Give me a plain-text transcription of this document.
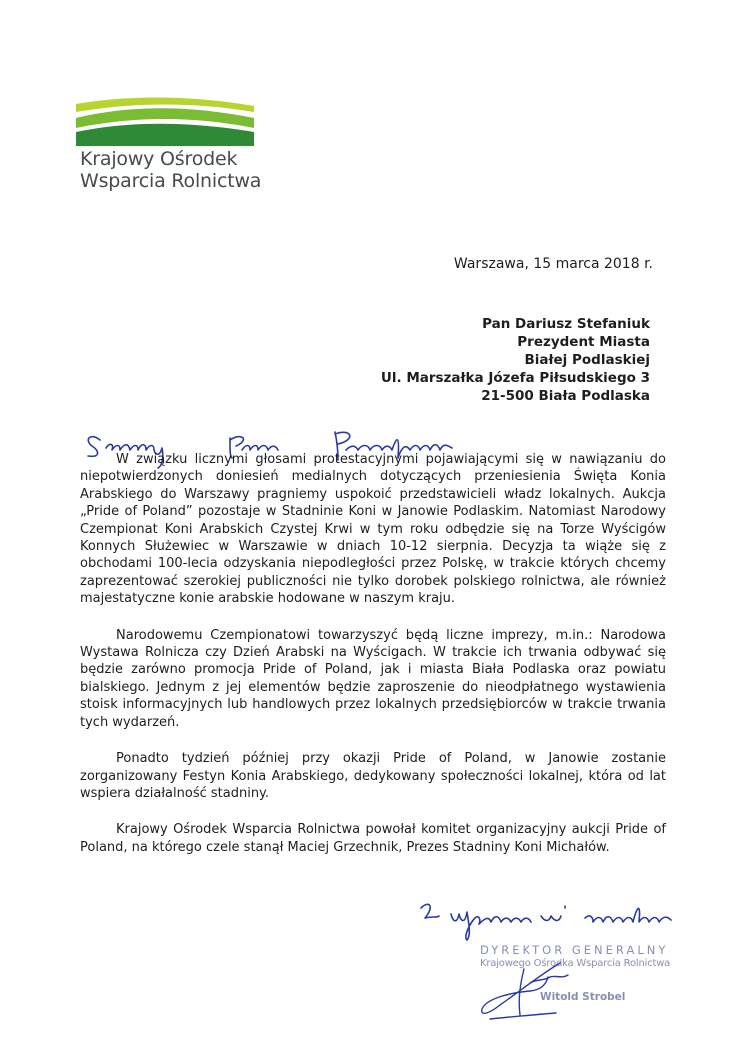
Krajowy Ośrodek
Wsparcia Rolnictwa
Warszawa, 15 marca 2018 r.
Pan Dariusz Stefaniuk
Prezydent Miasta
Białej Podlaskiej
Ul. Marszałka Józefa Piłsudskiego 3
21-500 Biała Podlaska

W związku licznymi głosami protestacyjnymi pojawiającymi się w nawiązaniu do niepotwierdzonych doniesień medialnych dotyczących przeniesienia Święta Konia Arabskiego do Warszawy pragniemy uspokoić przedstawicieli władz lokalnych. Aukcja „Pride of Poland” pozostaje w Stadninie Koni w Janowie Podlaskim. Natomiast Narodowy Czempionat Koni Arabskich Czystej Krwi w tym roku odbędzie się na Torze Wyścigów Konnych Służewiec w Warszawie w dniach 10-12 sierpnia. Decyzja ta wiąże się z obchodami 100-lecia odzyskania niepodległości przez Polskę, w trakcie których chcemy zaprezentować szerokiej publiczności nie tylko dorobek polskiego rolnictwa, ale również majestatyczne konie arabskie hodowane w naszym kraju.

Narodowemu Czempionatowi towarzyszyć będą liczne imprezy, m.in.: Narodowa Wystawa Rolnicza czy Dzień Arabski na Wyścigach. W trakcie ich trwania odbywać się będzie zarówno promocja Pride of Poland, jak i miasta Biała Podlaska oraz powiatu bialskiego. Jednym z jej elementów będzie zaproszenie do nieodpłatnego wystawienia stoisk informacyjnych lub handlowych przez lokalnych przedsiębiorców w trakcie trwania tych wydarzeń.

Ponadto tydzień później przy okazji Pride of Poland, w Janowie zostanie zorganizowany Festyn Konia Arabskiego, dedykowany społeczności lokalnej, która od lat wspiera działalność stadniny.

Krajowy Ośrodek Wsparcia Rolnictwa powołał komitet organizacyjny aukcji Pride of Poland, na którego czele stanął Maciej Grzechnik, Prezes Stadniny Koni Michałów.

DYREKTOR GENERALNY
Krajowego Ośrodka Wsparcia Rolnictwa
Witold Strobel
